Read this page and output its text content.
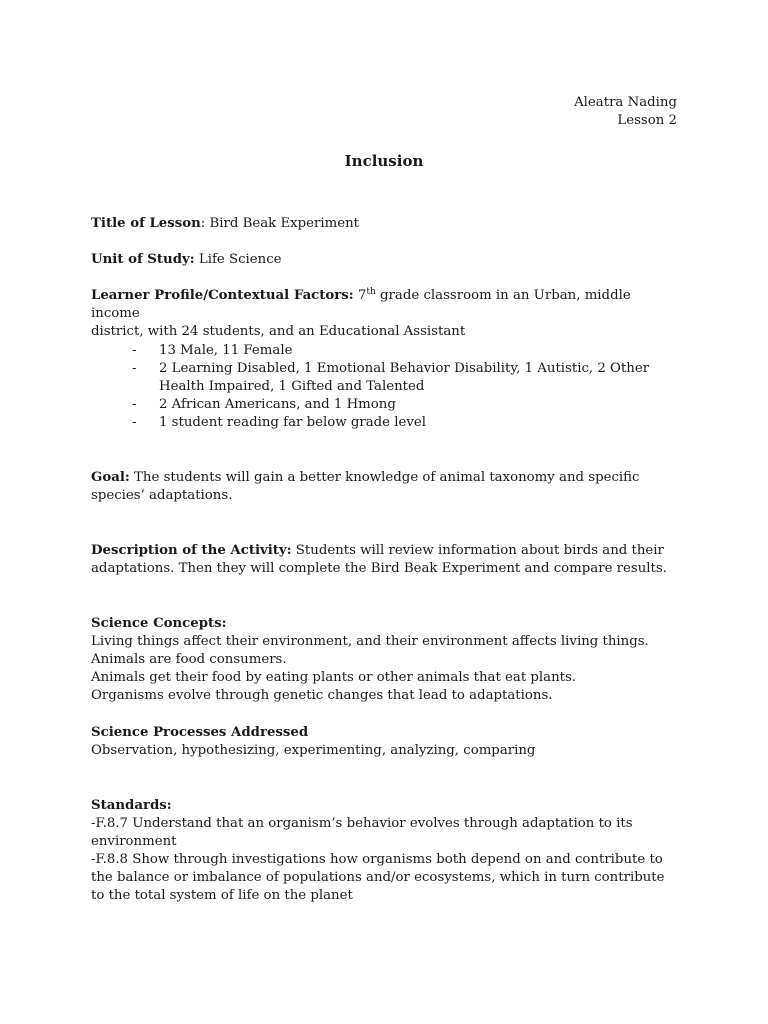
Aleatra Nading
Lesson 2
Inclusion
Title of Lesson: Bird Beak Experiment
Unit of Study: Life Science
Learner Profile/Contextual Factors: 7th grade classroom in an Urban, middle income
district, with 24 students, and an Educational Assistant
- 13 Male, 11 Female
- 2 Learning Disabled, 1 Emotional Behavior Disability, 1 Autistic, 2 Other Health Impaired, 1 Gifted and Talented
- 2 African Americans, and 1 Hmong
- 1 student reading far below grade level
Goal: The students will gain a better knowledge of animal taxonomy and specific species’ adaptations.
Description of the Activity: Students will review information about birds and their adaptations. Then they will complete the Bird Beak Experiment and compare results.
Science Concepts:

Living things affect their environment, and their environment affects living things.

Animals are food consumers.

Animals get their food by eating plants or other animals that eat plants.

Organisms evolve through genetic changes that lead to adaptations.

Science Processes Addressed

Observation, hypothesizing, experimenting, analyzing, comparing

Standards:

-F.8.7 Understand that an organism’s behavior evolves through adaptation to its environment

-F.8.8 Show through investigations how organisms both depend on and contribute to the balance or imbalance of populations and/or ecosystems, which in turn contribute to the total system of life on the planet
